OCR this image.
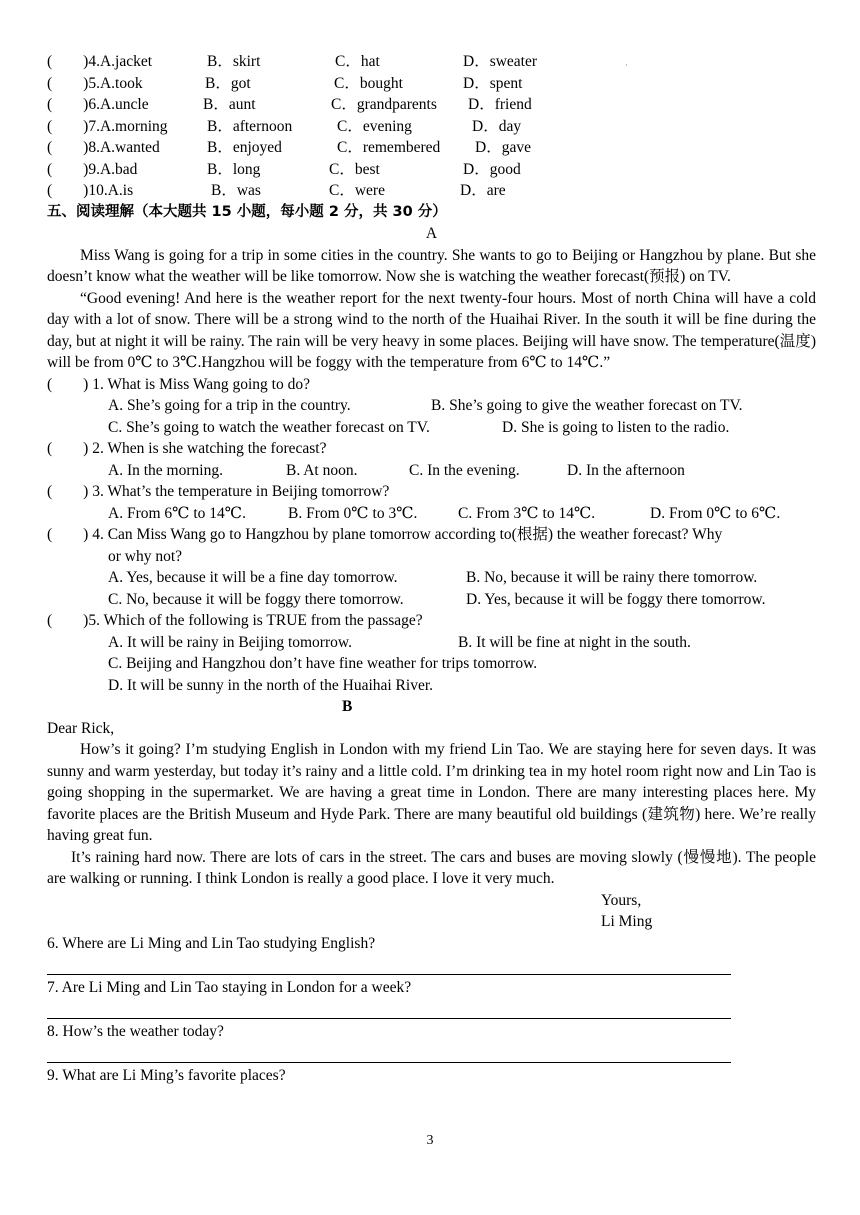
·
(　　)4.A.jacket	B．skirt	C．hat	D．sweater
(　　)5.A.took	B．got	C．bought	D．spent
(　　)6.A.uncle	B．aunt	C．grandparents D．friend
(　　)7.A.morning	B．afternoon	C．evening	D．day
(　　)8.A.wanted	B．enjoyed	C．remembered D．gave
(　　)9.A.bad	B．long	C．best	D．good
(　　)10.A.is	B．was	C．were	D．are
五、阅读理解（本大题共 15 小题，每小题 2 分，共 30 分）
A
Miss Wang is going for a trip in some cities in the country. She wants to go to Beijing or Hangzhou by plane. But she doesn’t know what the weather will be like tomorrow. Now she is watching the weather forecast(预报) on TV.
“Good evening! And here is the weather report for the next twenty-four hours. Most of north China will have a cold day with a lot of snow. There will be a strong wind to the north of the Huaihai River. In the south it will be fine during the day, but at night it will be rainy. The rain will be very heavy in some places. Beijing will have snow. The temperature(温度) will be from 0℃ to 3℃.Hangzhou will be foggy with the temperature from 6℃ to 14℃.”
(　　) 1. What is Miss Wang going to do?
A. She’s going for a trip in the country.	B. She’s going to give the weather forecast on TV.
C. She’s going to watch the weather forecast on TV.	D. She is going to listen to the radio.
(　　) 2. When is she watching the forecast?
A. In the morning.	B. At noon.	C. In the evening.	D. In the afternoon
(　　) 3. What’s the temperature in Beijing tomorrow?
A. From 6℃ to 14℃.	B. From 0℃ to 3℃.	C. From 3℃ to 14℃.	D. From 0℃ to 6℃.
(　　) 4. Can Miss Wang go to Hangzhou by plane tomorrow according to(根据) the weather forecast? Why
or why not?
A. Yes, because it will be a fine day tomorrow.	B. No, because it will be rainy there tomorrow.
C. No, because it will be foggy there tomorrow.	D. Yes, because it will be foggy there tomorrow.
(　　)5. Which of the following is TRUE from the passage?
A. It will be rainy in Beijing tomorrow.	B. It will be fine at night in the south.
C. Beijing and Hangzhou don’t have fine weather for trips tomorrow.
D. It will be sunny in the north of the Huaihai River.
B
Dear Rick,
How’s it going? I’m studying English in London with my friend Lin Tao. We are staying here for seven days. It was sunny and warm yesterday, but today it’s rainy and a little cold. I’m drinking tea in my hotel room right now and Lin Tao is going shopping in the supermarket. We are having a great time in London. There are many interesting places here. My favorite places are the British Museum and Hyde Park. There are many beautiful old buildings (建筑物) here. We’re really having great fun.
It’s raining hard now. There are lots of cars in the street. The cars and buses are moving slowly (慢慢地). The people are walking or running. I think London is really a good place. I love it very much.
Yours,
Li Ming
6. Where are Li Ming and Lin Tao studying English?
7. Are Li Ming and Lin Tao staying in London for a week?
8. How’s the weather today?
9. What are Li Ming’s favorite places?
3
